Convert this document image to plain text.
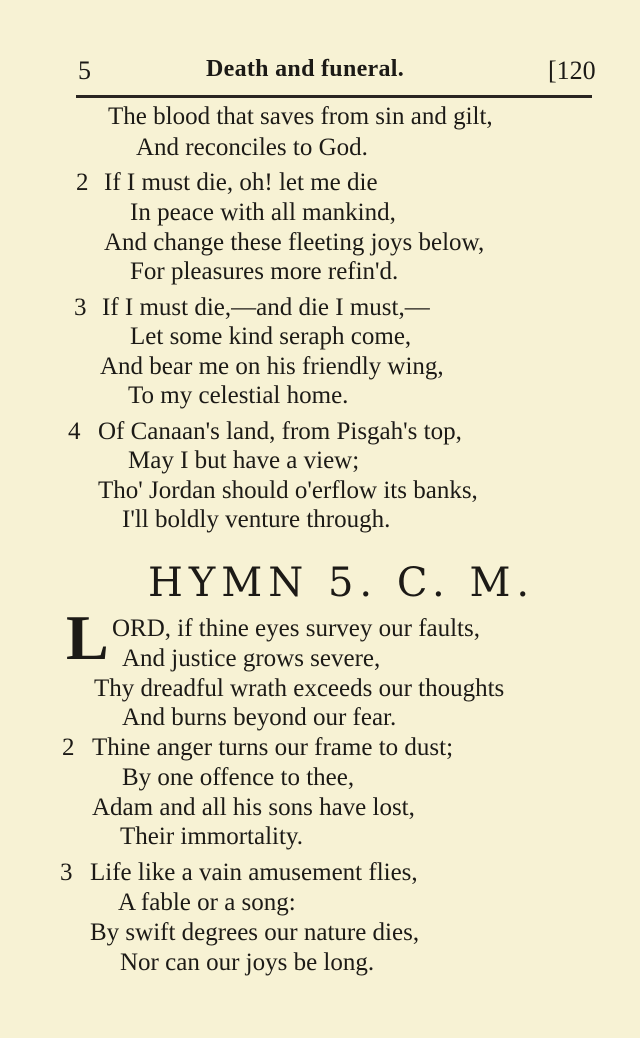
5	Death and funeral.	[120
The blood that saves from sin and gilt,
And reconciles to God.
2 If I must die, oh! let me die
In peace with all mankind,
And change these fleeting joys below,
For pleasures more refin'd.
3 If I must die,—and die I must,—
Let some kind seraph come,
And bear me on his friendly wing,
To my celestial home.
4 Of Canaan's land, from Pisgah's top,
May I but have a view;
Tho' Jordan should o'erflow its banks,
I'll boldly venture through.
HYMN 5. C. M.
L ORD, if thine eyes survey our faults,
And justice grows severe,
Thy dreadful wrath exceeds our thoughts
And burns beyond our fear.
2 Thine anger turns our frame to dust;
By one offence to thee,
Adam and all his sons have lost,
Their immortality.
3 Life like a vain amusement flies,
A fable or a song:
By swift degrees our nature dies,
Nor can our joys be long.
